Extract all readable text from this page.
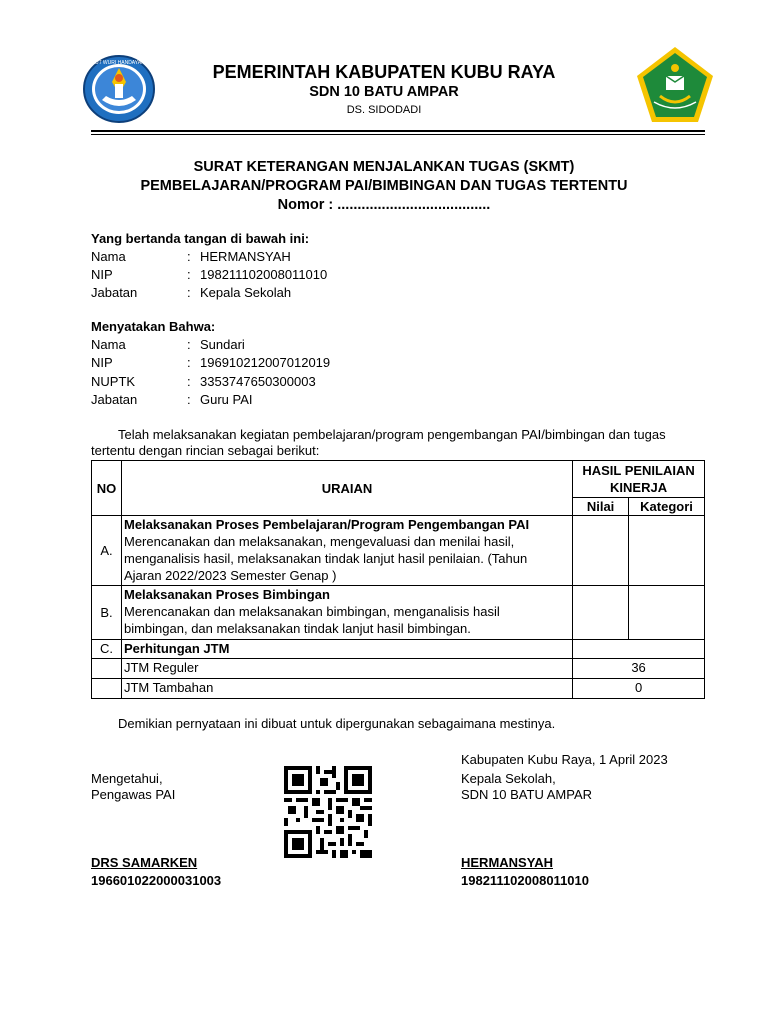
TUT WURI HANDAYANI	PEMERINTAH KABUPATEN KUBU RAYA
SDN 10 BATU AMPAR
DS. SIDODADI
SURAT KETERANGAN MENJALANKAN TUGAS (SKMT)
PEMBELAJARAN/PROGRAM PAI/BIMBINGAN DAN TUGAS TERTENTU
Nomor : ......................................
Yang bertanda tangan di bawah ini:
Nama	: HERMANSYAH
NIP	: 198211102008011010
Jabatan	: Kepala Sekolah
Menyatakan Bahwa:
Nama	: Sundari
NIP	: 196910212007012019
NUPTK	: 3353747650300003
Jabatan	: Guru PAI
Telah melaksanakan kegiatan pembelajaran/program pengembangan PAI/bimbingan dan tugas
tertentu dengan rincian sebagai berikut:
NO	URAIAN	HASIL PENILAIAN
KINERJA	

		Nilai	Kategori
A.	Melaksanakan Proses Pembelajaran/Program Pengembangan PAI
Merencanakan dan melaksanakan, mengevaluasi dan menilai hasil,
menganalisis hasil, melaksanakan tindak lanjut hasil penilaian. (Tahun
Ajaran 2022/2023 Semester Genap )		

B.	Melaksanakan Proses Bimbingan
Merencanakan dan melaksanakan bimbingan, menganalisis hasil
bimbingan, dan melaksanakan tindak lanjut hasil bimbingan.		

C.	Perhitungan JTM		
	JTM Reguler	36	
	JTM Tambahan	0	
Demikian pernyataan ini dibuat untuk dipergunakan sebagaimana mestinya.
Kabupaten Kubu Raya, 1 April 2023
Mengetahui,
Pengawas PAI
Kepala Sekolah,
SDN 10 BATU AMPAR
DRS SAMARKEN
196601022000031003
HERMANSYAH
198211102008011010
